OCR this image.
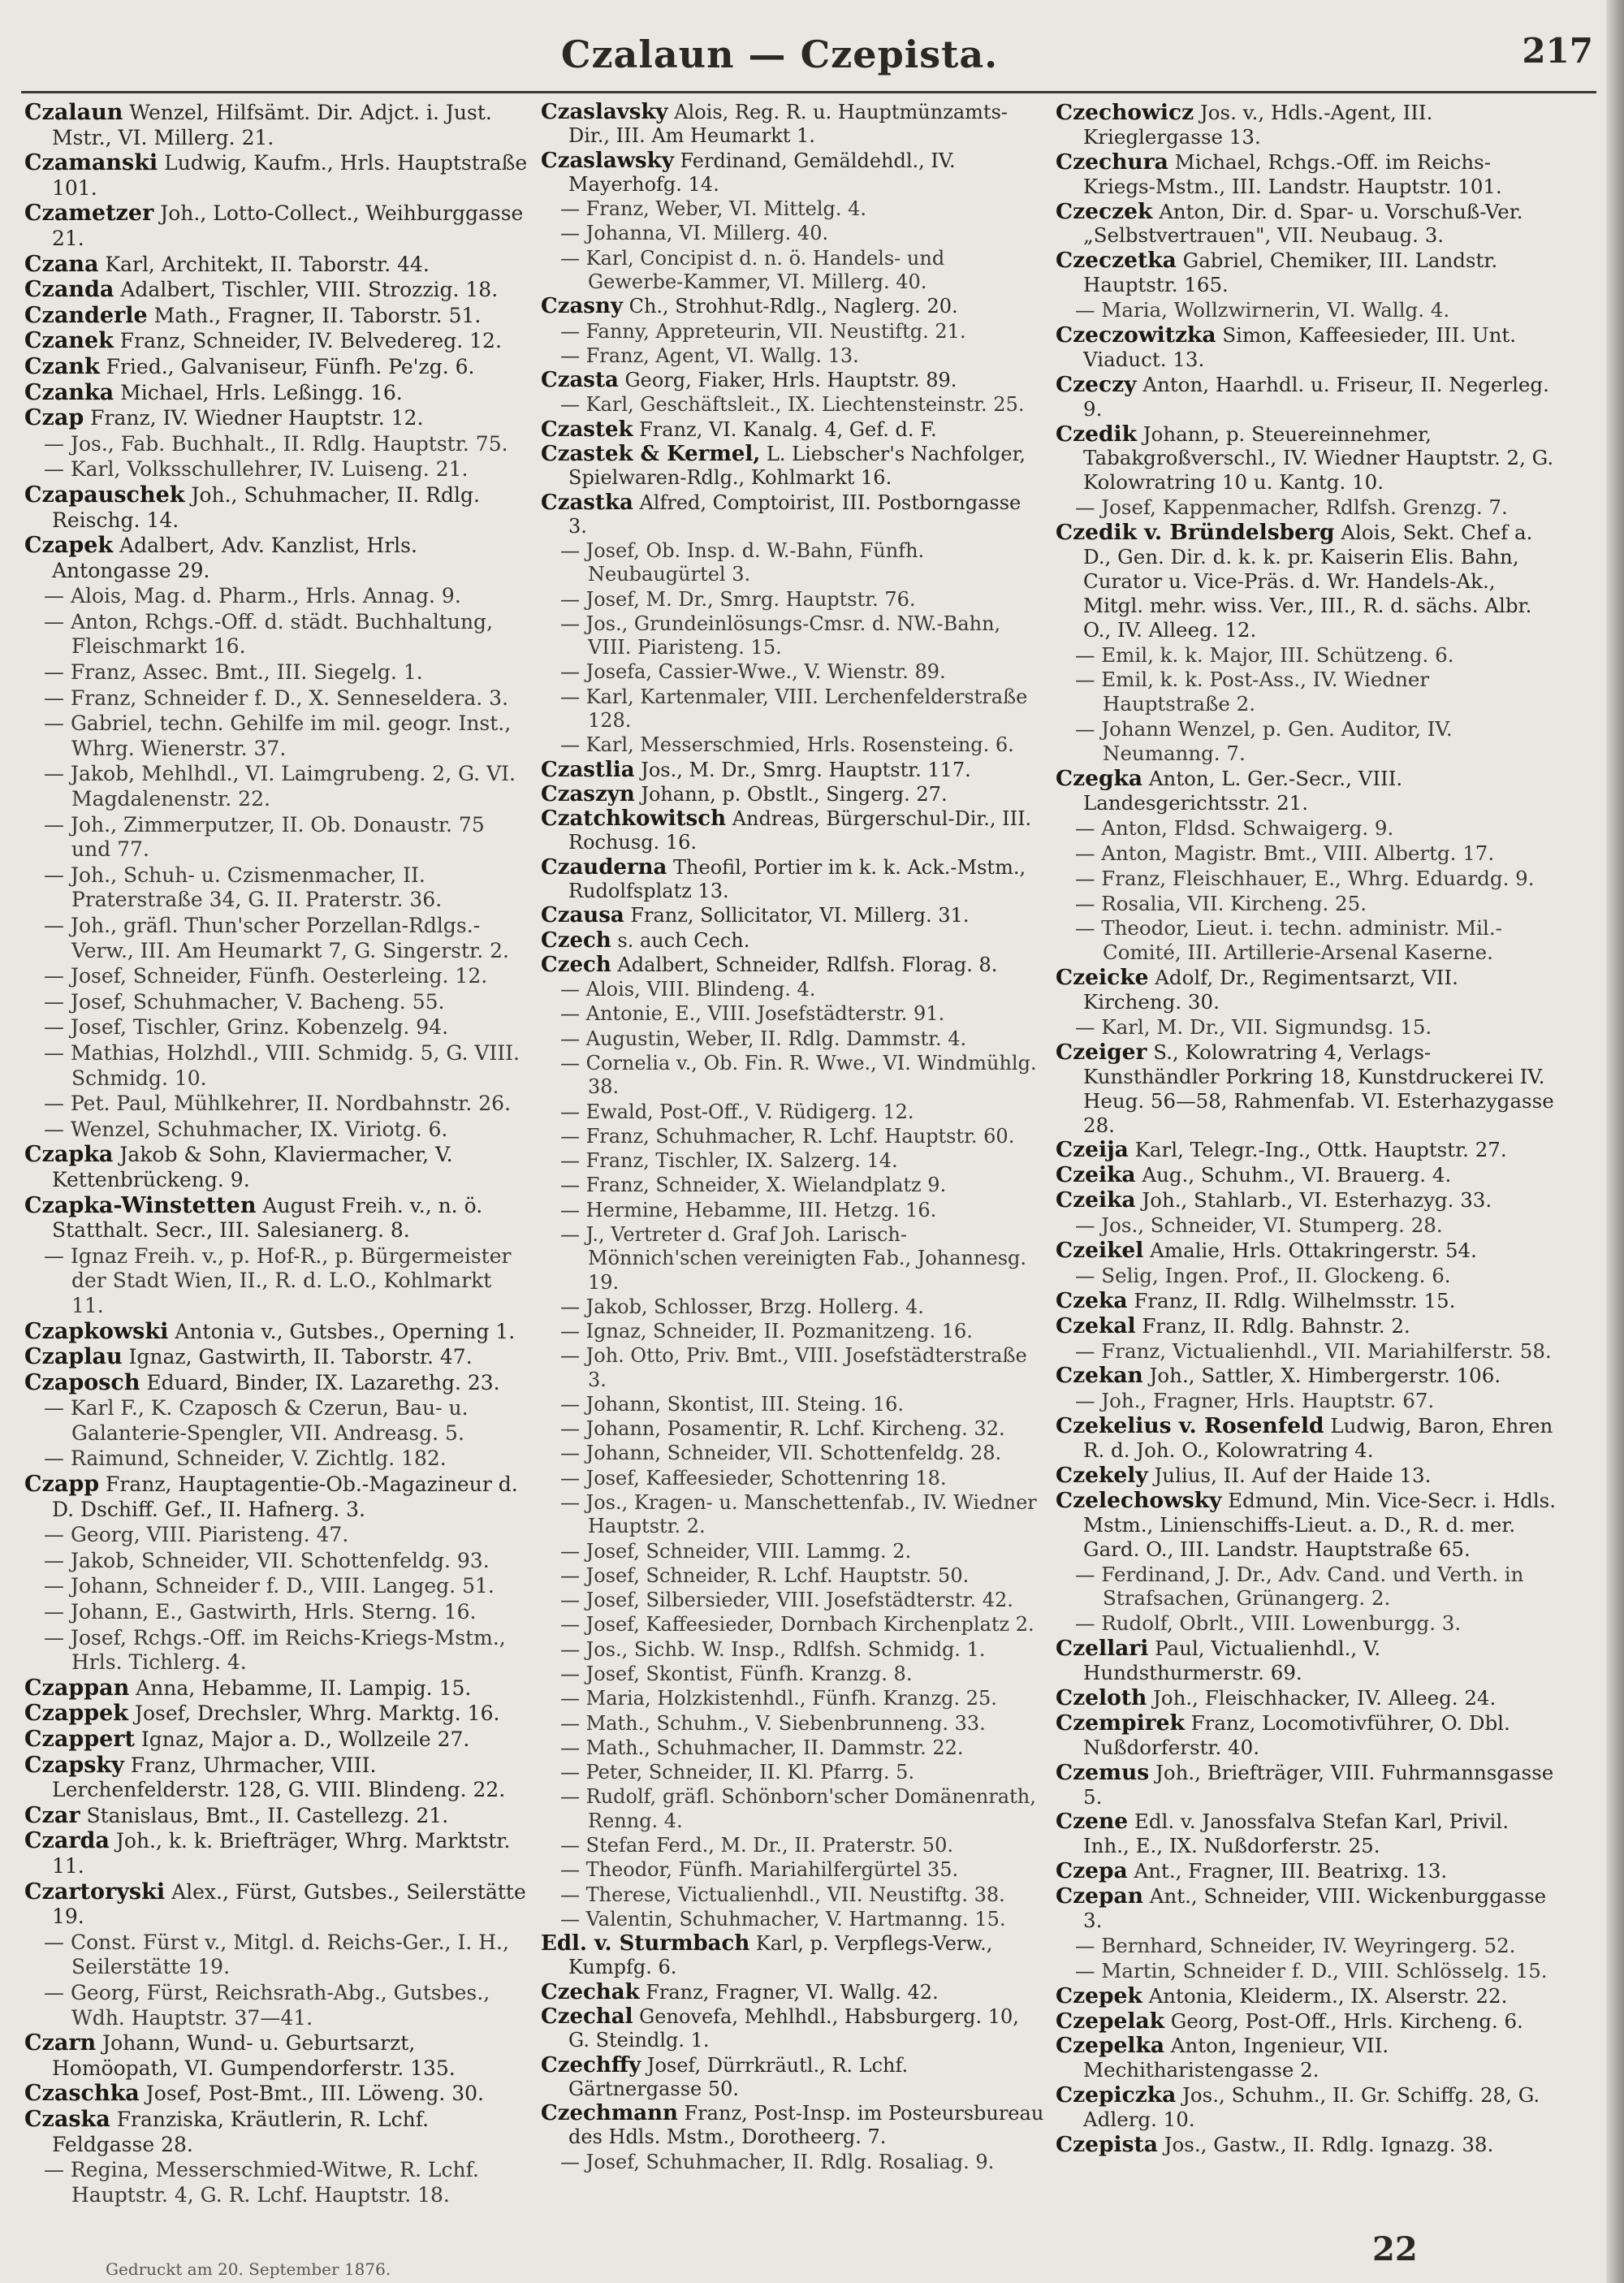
Czalaun — Czepista.	217
Czalaun Wenzel, Hilfsämt. Dir. Adjct. i. Just. Mstr., VI. Millerg. 21.
Czamanski Ludwig, Kaufm., Hrls. Hauptstraße 101.
Czametzer Joh., Lotto-Collect., Weihburggasse 21.
Czana Karl, Architekt, II. Taborstr. 44.
Czanda Adalbert, Tischler, VIII. Strozzig. 18.
Czanderle Math., Fragner, II. Taborstr. 51.
Czanek Franz, Schneider, IV. Belvedereg. 12.
Czank Fried., Galvaniseur, Fünfh. Pe'zg. 6.
Czanka Michael, Hrls. Leßingg. 16.
Czap Franz, IV. Wiedner Hauptstr. 12.
— Jos., Fab. Buchhalt., II. Rdlg. Hauptstr. 75.
— Karl, Volksschullehrer, IV. Luiseng. 21.
Czapauschek Joh., Schuhmacher, II. Rdlg. Reischg. 14.
Czapek Adalbert, Adv. Kanzlist, Hrls. Antongasse 29.
— Alois, Mag. d. Pharm., Hrls. Annag. 9.
— Anton, Rchgs.-Off. d. städt. Buchhaltung, Fleischmarkt 16.
— Franz, Assec. Bmt., III. Siegelg. 1.
— Franz, Schneider f. D., X. Senneseldera. 3.
— Gabriel, techn. Gehilfe im mil. geogr. Inst., Whrg. Wienerstr. 37.
— Jakob, Mehlhdl., VI. Laimgrubeng. 2, G. VI. Magdalenenstr. 22.
— Joh., Zimmerputzer, II. Ob. Donaustr. 75 und 77.
— Joh., Schuh- u. Czismenmacher, II. Praterstraße 34, G. II. Praterstr. 36.
— Joh., gräfl. Thun'scher Porzellan-Rdlgs.-Verw., III. Am Heumarkt 7, G. Singerstr. 2.
— Josef, Schneider, Fünfh. Oesterleing. 12.
— Josef, Schuhmacher, V. Bacheng. 55.
— Josef, Tischler, Grinz. Kobenzelg. 94.
— Mathias, Holzhdl., VIII. Schmidg. 5, G. VIII. Schmidg. 10.
— Pet. Paul, Mühlkehrer, II. Nordbahnstr. 26.
— Wenzel, Schuhmacher, IX. Viriotg. 6.
Czapka Jakob & Sohn, Klaviermacher, V. Kettenbrückeng. 9.
Czapka-Winstetten August Freih. v., n. ö. Statthalt. Secr., III. Salesianerg. 8.
— Ignaz Freih. v., p. Hof-R., p. Bürgermeister der Stadt Wien, II., R. d. L.O., Kohlmarkt 11.
Czapkowski Antonia v., Gutsbes., Operning 1.
Czaplau Ignaz, Gastwirth, II. Taborstr. 47.
Czaposch Eduard, Binder, IX. Lazarethg. 23.
— Karl F., K. Czaposch & Czerun, Bau- u. Galanterie-Spengler, VII. Andreasg. 5.
— Raimund, Schneider, V. Zichtlg. 182.
Czapp Franz, Hauptagentie-Ob.-Magazineur d. D. Dschiff. Gef., II. Hafnerg. 3.
— Georg, VIII. Piaristeng. 47.
— Jakob, Schneider, VII. Schottenfeldg. 93.
— Johann, Schneider f. D., VIII. Langeg. 51.
— Johann, E., Gastwirth, Hrls. Sterng. 16.
— Josef, Rchgs.-Off. im Reichs-Kriegs-Mstm., Hrls. Tichlerg. 4.
Czappan Anna, Hebamme, II. Lampig. 15.
Czappek Josef, Drechsler, Whrg. Marktg. 16.
Czappert Ignaz, Major a. D., Wollzeile 27.
Czapsky Franz, Uhrmacher, VIII. Lerchenfelderstr. 128, G. VIII. Blindeng. 22.
Czar Stanislaus, Bmt., II. Castellezg. 21.
Czarda Joh., k. k. Briefträger, Whrg. Marktstr. 11.
Czartoryski Alex., Fürst, Gutsbes., Seilerstätte 19.
— Const. Fürst v., Mitgl. d. Reichs-Ger., I. H., Seilerstätte 19.
— Georg, Fürst, Reichsrath-Abg., Gutsbes., Wdh. Hauptstr. 37—41.
Czarn Johann, Wund- u. Geburtsarzt, Homöopath, VI. Gumpendorferstr. 135.
Czaschka Josef, Post-Bmt., III. Löweng. 30.
Czaska Franziska, Kräutlerin, R. Lchf. Feldgasse 28.
— Regina, Messerschmied-Witwe, R. Lchf. Hauptstr. 4, G. R. Lchf. Hauptstr. 18.
Czaslavsky Alois, Reg. R. u. Hauptmünzamts-Dir., III. Am Heumarkt 1.
Czaslawsky Ferdinand, Gemäldehdl., IV. Mayerhofg. 14.
— Franz, Weber, VI. Mittelg. 4.
— Johanna, VI. Millerg. 40.
— Karl, Concipist d. n. ö. Handels- und Gewerbe-Kammer, VI. Millerg. 40.
Czasny Ch., Strohhut-Rdlg., Naglerg. 20.
— Fanny, Appreteurin, VII. Neustiftg. 21.
— Franz, Agent, VI. Wallg. 13.
Czasta Georg, Fiaker, Hrls. Hauptstr. 89.
— Karl, Geschäftsleit., IX. Liechtensteinstr. 25.
Czastek Franz, VI. Kanalg. 4, Gef. d. F.
Czastek & Kermel, L. Liebscher's Nachfolger, Spielwaren-Rdlg., Kohlmarkt 16.
Czastka Alfred, Comptoirist, III. Postborngasse 3.
— Josef, Ob. Insp. d. W.-Bahn, Fünfh. Neubaugürtel 3.
— Josef, M. Dr., Smrg. Hauptstr. 76.
— Jos., Grundeinlösungs-Cmsr. d. NW.-Bahn, VIII. Piaristeng. 15.
— Josefa, Cassier-Wwe., V. Wienstr. 89.
— Karl, Kartenmaler, VIII. Lerchenfelderstraße 128.
— Karl, Messerschmied, Hrls. Rosensteing. 6.
Czastlia Jos., M. Dr., Smrg. Hauptstr. 117.
Czaszyn Johann, p. Obstlt., Singerg. 27.
Czatchkowitsch Andreas, Bürgerschul-Dir., III. Rochusg. 16.
Czauderna Theofil, Portier im k. k. Ack.-Mstm., Rudolfsplatz 13.
Czausa Franz, Sollicitator, VI. Millerg. 31.
Czech s. auch Cech.
Czech Adalbert, Schneider, Rdlfsh. Florag. 8.
— Alois, VIII. Blindeng. 4.
— Antonie, E., VIII. Josefstädterstr. 91.
— Augustin, Weber, II. Rdlg. Dammstr. 4.
— Cornelia v., Ob. Fin. R. Wwe., VI. Windmühlg. 38.
— Ewald, Post-Off., V. Rüdigerg. 12.
— Franz, Schuhmacher, R. Lchf. Hauptstr. 60.
— Franz, Tischler, IX. Salzerg. 14.
— Franz, Schneider, X. Wielandplatz 9.
— Hermine, Hebamme, III. Hetzg. 16.
— J., Vertreter d. Graf Joh. Larisch-Mönnich'schen vereinigten Fab., Johannesg. 19.
— Jakob, Schlosser, Brzg. Hollerg. 4.
— Ignaz, Schneider, II. Pozmanitzeng. 16.
— Joh. Otto, Priv. Bmt., VIII. Josefstädterstraße 3.
— Johann, Skontist, III. Steing. 16.
— Johann, Posamentir, R. Lchf. Kircheng. 32.
— Johann, Schneider, VII. Schottenfeldg. 28.
— Josef, Kaffeesieder, Schottenring 18.
— Jos., Kragen- u. Manschettenfab., IV. Wiedner Hauptstr. 2.
— Josef, Schneider, VIII. Lammg. 2.
— Josef, Schneider, R. Lchf. Hauptstr. 50.
— Josef, Silbersieder, VIII. Josefstädterstr. 42.
— Josef, Kaffeesieder, Dornbach Kirchenplatz 2.
— Jos., Sichb. W. Insp., Rdlfsh. Schmidg. 1.
— Josef, Skontist, Fünfh. Kranzg. 8.
— Maria, Holzkistenhdl., Fünfh. Kranzg. 25.
— Math., Schuhm., V. Siebenbrunneng. 33.
— Math., Schuhmacher, II. Dammstr. 22.
— Peter, Schneider, II. Kl. Pfarrg. 5.
— Rudolf, gräfl. Schönborn'scher Domänenrath, Renng. 4.
— Stefan Ferd., M. Dr., II. Praterstr. 50.
— Theodor, Fünfh. Mariahilfergürtel 35.
— Therese, Victualienhdl., VII. Neustiftg. 38.
— Valentin, Schuhmacher, V. Hartmanng. 15.
Edl. v. Sturmbach Karl, p. Verpflegs-Verw., Kumpfg. 6.
Czechak Franz, Fragner, VI. Wallg. 42.
Czechal Genovefa, Mehlhdl., Habsburgerg. 10, G. Steindlg. 1.
Czechffy Josef, Dürrkräutl., R. Lchf. Gärtnergasse 50.
Czechmann Franz, Post-Insp. im Posteursbureau des Hdls. Mstm., Dorotheerg. 7.
— Josef, Schuhmacher, II. Rdlg. Rosaliag. 9.
Czechowicz Jos. v., Hdls.-Agent, III. Krieglergasse 13.
Czechura Michael, Rchgs.-Off. im Reichs-Kriegs-Mstm., III. Landstr. Hauptstr. 101.
Czeczek Anton, Dir. d. Spar- u. Vorschuß-Ver. „Selbstvertrauen", VII. Neubaug. 3.
Czeczetka Gabriel, Chemiker, III. Landstr. Hauptstr. 165.
— Maria, Wollzwirnerin, VI. Wallg. 4.
Czeczowitzka Simon, Kaffeesieder, III. Unt. Viaduct. 13.
Czeczy Anton, Haarhdl. u. Friseur, II. Negerleg. 9.
Czedik Johann, p. Steuereinnehmer, Tabakgroßverschl., IV. Wiedner Hauptstr. 2, G. Kolowratring 10 u. Kantg. 10.
— Josef, Kappenmacher, Rdlfsh. Grenzg. 7.
Czedik v. Bründelsberg Alois, Sekt. Chef a. D., Gen. Dir. d. k. k. pr. Kaiserin Elis. Bahn, Curator u. Vice-Präs. d. Wr. Handels-Ak., Mitgl. mehr. wiss. Ver., III., R. d. sächs. Albr. O., IV. Alleeg. 12.
— Emil, k. k. Major, III. Schützeng. 6.
— Emil, k. k. Post-Ass., IV. Wiedner Hauptstraße 2.
— Johann Wenzel, p. Gen. Auditor, IV. Neumanng. 7.
Czegka Anton, L. Ger.-Secr., VIII. Landesgerichtsstr. 21.
— Anton, Fldsd. Schwaigerg. 9.
— Anton, Magistr. Bmt., VIII. Albertg. 17.
— Franz, Fleischhauer, E., Whrg. Eduardg. 9.
— Rosalia, VII. Kircheng. 25.
— Theodor, Lieut. i. techn. administr. Mil.-Comité, III. Artillerie-Arsenal Kaserne.
Czeicke Adolf, Dr., Regimentsarzt, VII. Kircheng. 30.
— Karl, M. Dr., VII. Sigmundsg. 15.
Czeiger S., Kolowratring 4, Verlags-Kunsthändler Porkring 18, Kunstdruckerei IV. Heug. 56—58, Rahmenfab. VI. Esterhazygasse 28.
Czeija Karl, Telegr.-Ing., Ottk. Hauptstr. 27.
Czeika Aug., Schuhm., VI. Brauerg. 4.
Czeika Joh., Stahlarb., VI. Esterhazyg. 33.
— Jos., Schneider, VI. Stumperg. 28.
Czeikel Amalie, Hrls. Ottakringerstr. 54.
— Selig, Ingen. Prof., II. Glockeng. 6.
Czeka Franz, II. Rdlg. Wilhelmsstr. 15.
Czekal Franz, II. Rdlg. Bahnstr. 2.
— Franz, Victualienhdl., VII. Mariahilferstr. 58.
Czekan Joh., Sattler, X. Himbergerstr. 106.
— Joh., Fragner, Hrls. Hauptstr. 67.
Czekelius v. Rosenfeld Ludwig, Baron, Ehren R. d. Joh. O., Kolowratring 4.
Czekely Julius, II. Auf der Haide 13.
Czelechowsky Edmund, Min. Vice-Secr. i. Hdls. Mstm., Linienschiffs-Lieut. a. D., R. d. mer. Gard. O., III. Landstr. Hauptstraße 65.
— Ferdinand, J. Dr., Adv. Cand. und Verth. in Strafsachen, Grünangerg. 2.
— Rudolf, Obrlt., VIII. Lowenburgg. 3.
Czellari Paul, Victualienhdl., V. Hundsthurmerstr. 69.
Czeloth Joh., Fleischhacker, IV. Alleeg. 24.
Czempirek Franz, Locomotivführer, O. Dbl. Nußdorferstr. 40.
Czemus Joh., Briefträger, VIII. Fuhrmannsgasse 5.
Czene Edl. v. Janossfalva Stefan Karl, Privil. Inh., E., IX. Nußdorferstr. 25.
Czepa Ant., Fragner, III. Beatrixg. 13.
Czepan Ant., Schneider, VIII. Wickenburggasse 3.
— Bernhard, Schneider, IV. Weyringerg. 52.
— Martin, Schneider f. D., VIII. Schlösselg. 15.
Czepek Antonia, Kleiderm., IX. Alserstr. 22.
Czepelak Georg, Post-Off., Hrls. Kircheng. 6.
Czepelka Anton, Ingenieur, VII. Mechitharistengasse 2.
Czepiczka Jos., Schuhm., II. Gr. Schiffg. 28, G. Adlerg. 10.
Czepista Jos., Gastw., II. Rdlg. Ignazg. 38.
Gedruckt am 20. September 1876.
22
